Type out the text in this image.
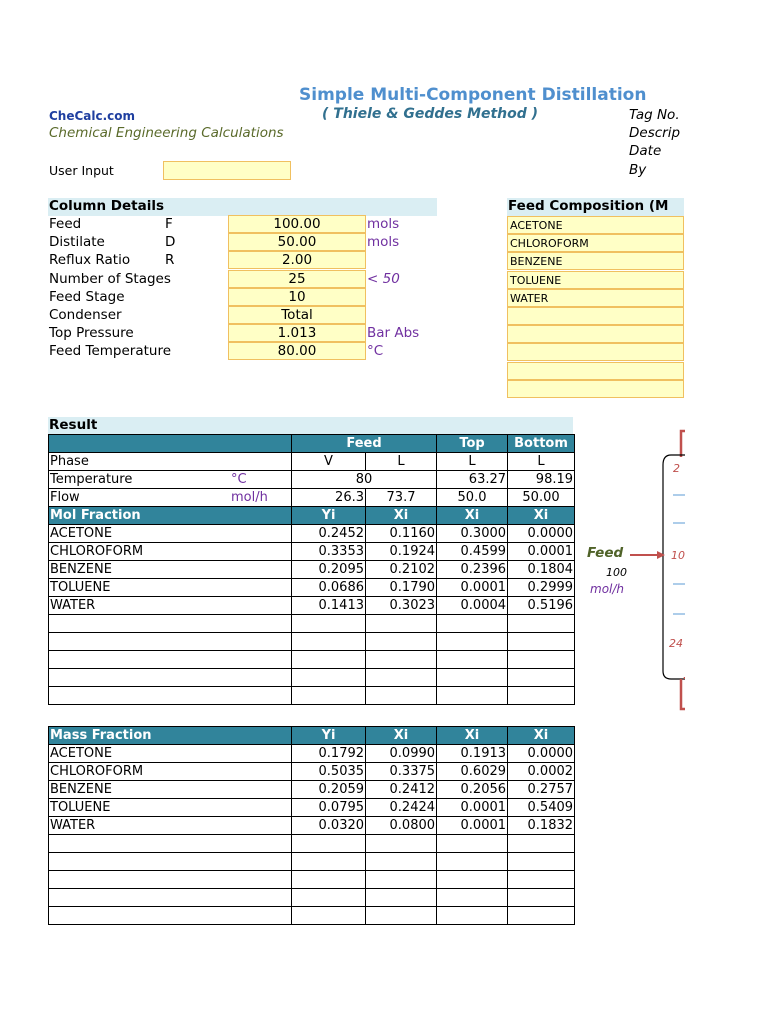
Simple Multi-Component Distillation
( Thiele & Geddes Method )
CheCalc.com
Chemical Engineering Calculations
Tag No.
Descrip
Date
By
User Input
Column Details
Feed	F	100.00	mols
Distilate	D	50.00	mols
Reflux Ratio	R	2.00
Number of Stages	25	< 50
Feed Stage	10
Condenser	Total
Top Pressure	1.013	Bar Abs
Feed Temperature	80.00	°C
Feed Composition (M
ACETONE
CHLOROFORM
BENZENE
TOLUENE
WATER
Result
	Feed		Top	Bottom
Phase	V	L	L	L
Temperature °C	80		63.27	98.19
Flow mol/h	26.3	73.7	50.0	50.00
Mol Fraction	Yi	Xi	Xi	Xi
ACETONE	0.2452	0.1160	0.3000	0.0000
CHLOROFORM	0.3353	0.1924	0.4599	0.0001
BENZENE	0.2095	0.2102	0.2396	0.1804
TOLUENE	0.0686	0.1790	0.0001	0.2999
WATER	0.1413	0.3023	0.0004	0.5196

Mass Fraction	Yi	Xi	Xi	Xi
ACETONE	0.1792	0.0990	0.1913	0.0000
CHLOROFORM	0.5035	0.3375	0.6029	0.0002
BENZENE	0.2059	0.2412	0.2056	0.2757
TOLUENE	0.0795	0.2424	0.0001	0.5409
WATER	0.0320	0.0800	0.0001	0.1832

Feed
100
mol/h
2
10
24
